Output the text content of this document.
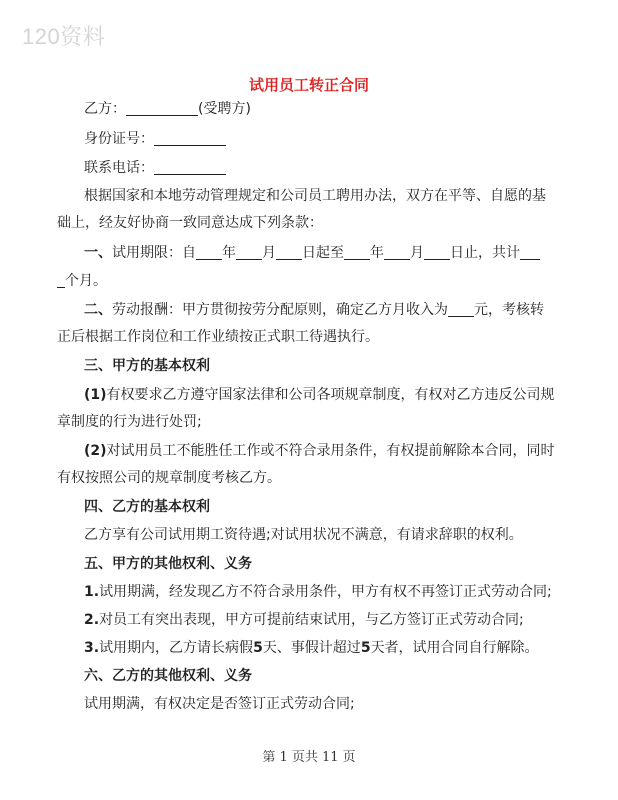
120资料
试用员工转正合同
乙方：	(受聘方)
身份证号：
联系电话：
根据国家和本地劳动管理规定和公司员工聘用办法，双方在平等、自愿的基
础上，经友好协商一致同意达成下列条款：
一、试用期限：自 年 月 日起至 年 月 日止，共计
个月。
二、劳动报酬：甲方贯彻按劳分配原则，确定乙方月收入为 元，考核转
正后根据工作岗位和工作业绩按正式职工待遇执行。
三、甲方的基本权利
(1)有权要求乙方遵守国家法律和公司各项规章制度，有权对乙方违反公司规
章制度的行为进行处罚;
(2)对试用员工不能胜任工作或不符合录用条件，有权提前解除本合同，同时
有权按照公司的规章制度考核乙方。
四、乙方的基本权利
乙方享有公司试用期工资待遇;对试用状况不满意，有请求辞职的权利。
五、甲方的其他权利、义务
1.试用期满，经发现乙方不符合录用条件，甲方有权不再签订正式劳动合同;
2.对员工有突出表现，甲方可提前结束试用，与乙方签订正式劳动合同;
3.试用期内，乙方请长病假5天、事假计超过5天者，试用合同自行解除。
六、乙方的其他权利、义务
试用期满，有权决定是否签订正式劳动合同;
第 1 页共 11 页
